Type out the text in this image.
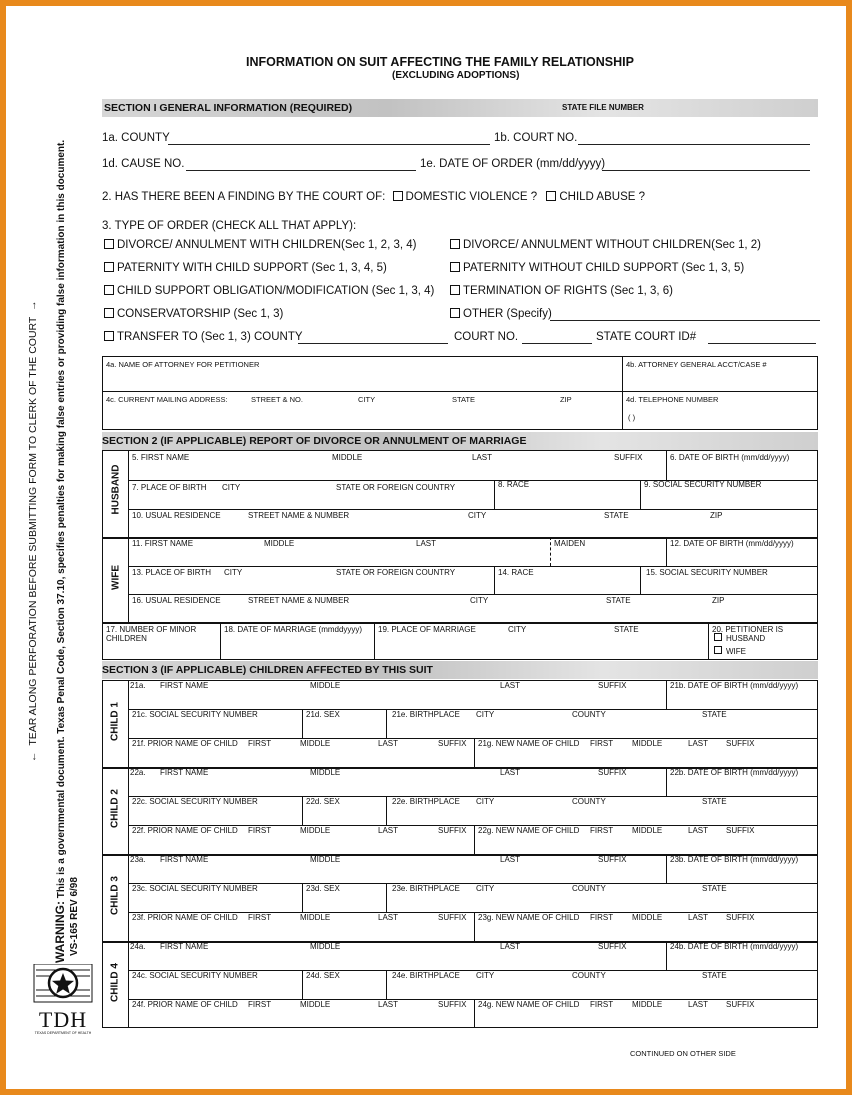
INFORMATION ON SUIT AFFECTING THE FAMILY RELATIONSHIP
(EXCLUDING ADOPTIONS)
SECTION I GENERAL INFORMATION (REQUIRED)	STATE FILE NUMBER
1a. COUNTY	1b. COURT NO.
1d. CAUSE NO.	1e. DATE OF ORDER (mm/dd/yyyy)
2. HAS THERE BEEN A FINDING BY THE COURT OF: DOMESTIC VIOLENCE ? CHILD ABUSE ?
3. TYPE OF ORDER (CHECK ALL THAT APPLY):
DIVORCE/ ANNULMENT WITH CHILDREN(Sec 1, 2, 3, 4)	DIVORCE/ ANNULMENT WITHOUT CHILDREN(Sec 1, 2)
PATERNITY WITH CHILD SUPPORT (Sec 1, 3, 4, 5)	PATERNITY WITHOUT CHILD SUPPORT (Sec 1, 3, 5)
CHILD SUPPORT OBLIGATION/MODIFICATION (Sec 1, 3, 4)	TERMINATION OF RIGHTS (Sec 1, 3, 6)
CONSERVATORSHIP (Sec 1, 3)	OTHER (Specify)
TRANSFER TO (Sec 1, 3) COUNTY	COURT NO.	STATE COURT ID#
4a. NAME OF ATTORNEY FOR PETITIONER	4b. ATTORNEY GENERAL ACCT/CASE #
4c. CURRENT MAILING ADDRESS:	STREET & NO.	CITY	STATE	ZIP	4d. TELEPHONE NUMBER
( )
SECTION 2 (IF APPLICABLE) REPORT OF DIVORCE OR ANNULMENT OF MARRIAGE
HUSBAND
WIFE
5. FIRST NAME	MIDDLE	LAST	SUFFIX	6. DATE OF BIRTH (mm/dd/yyyy)
7. PLACE OF BIRTH CITY	STATE OR FOREIGN COUNTRY	8. RACE	9. SOCIAL SECURITY NUMBER
10. USUAL RESIDENCE	STREET NAME & NUMBER	CITY	STATE	ZIP
11. FIRST NAME	MIDDLE	LAST	MAIDEN	12. DATE OF BIRTH (mm/dd/yyyy)
13. PLACE OF BIRTH CITY	STATE OR FOREIGN COUNTRY	14. RACE	15. SOCIAL SECURITY NUMBER
16. USUAL RESIDENCE	STREET NAME & NUMBER	CITY	STATE	ZIP
17. NUMBER OF MINOR
CHILDREN
18. DATE OF MARRIAGE (mmddyyyy) 19. PLACE OF MARRIAGE	CITY	STATE	20. PETITIONER IS
HUSBAND
WIFE
SECTION 3 (IF APPLICABLE) CHILDREN AFFECTED BY THIS SUIT
CHILD 1
21a. FIRST NAME	MIDDLE	LAST	SUFFIX	21b. DATE OF BIRTH (mm/dd/yyyy)
21c. SOCIAL SECURITY NUMBER	21d. SEX	21e. BIRTHPLACE CITY	COUNTY	STATE
21f. PRIOR NAME OF CHILD FIRST	MIDDLE	LAST	SUFFIX 21g. NEW NAME OF CHILD FIRST MIDDLE	LAST SUFFIX
CHILD 2
22a. FIRST NAME	MIDDLE	LAST	SUFFIX	22b. DATE OF BIRTH (mm/dd/yyyy)
22c. SOCIAL SECURITY NUMBER	22d. SEX	22e. BIRTHPLACE CITY	COUNTY	STATE
22f. PRIOR NAME OF CHILD FIRST	MIDDLE	LAST	SUFFIX 22g. NEW NAME OF CHILD FIRST MIDDLE	LAST SUFFIX
CHILD 3
23a. FIRST NAME	MIDDLE	LAST	SUFFIX	23b. DATE OF BIRTH (mm/dd/yyyy)
23c. SOCIAL SECURITY NUMBER	23d. SEX	23e. BIRTHPLACE CITY	COUNTY	STATE
23f. PRIOR NAME OF CHILD FIRST	MIDDLE	LAST	SUFFIX 23g. NEW NAME OF CHILD FIRST MIDDLE	LAST SUFFIX
CHILD 4
24a. FIRST NAME	MIDDLE	LAST	SUFFIX	24b. DATE OF BIRTH (mm/dd/yyyy)
24c. SOCIAL SECURITY NUMBER	24d. SEX	24e. BIRTHPLACE CITY	COUNTY	STATE
24f. PRIOR NAME OF CHILD FIRST	MIDDLE	LAST	SUFFIX 24g. NEW NAME OF CHILD FIRST MIDDLE	LAST SUFFIX
CONTINUED ON OTHER SIDE
←  TEAR ALONG PERFORATION BEFORE SUBMITTING FORM TO CLERK OF THE COURT  →
WARNING: This is a governmental document. Texas Penal Code, Section 37.10, specifies penalties for making false entries or providing false information in this document.
VS-165 REV 6/98
TDH
TEXAS DEPARTMENT OF HEALTH
